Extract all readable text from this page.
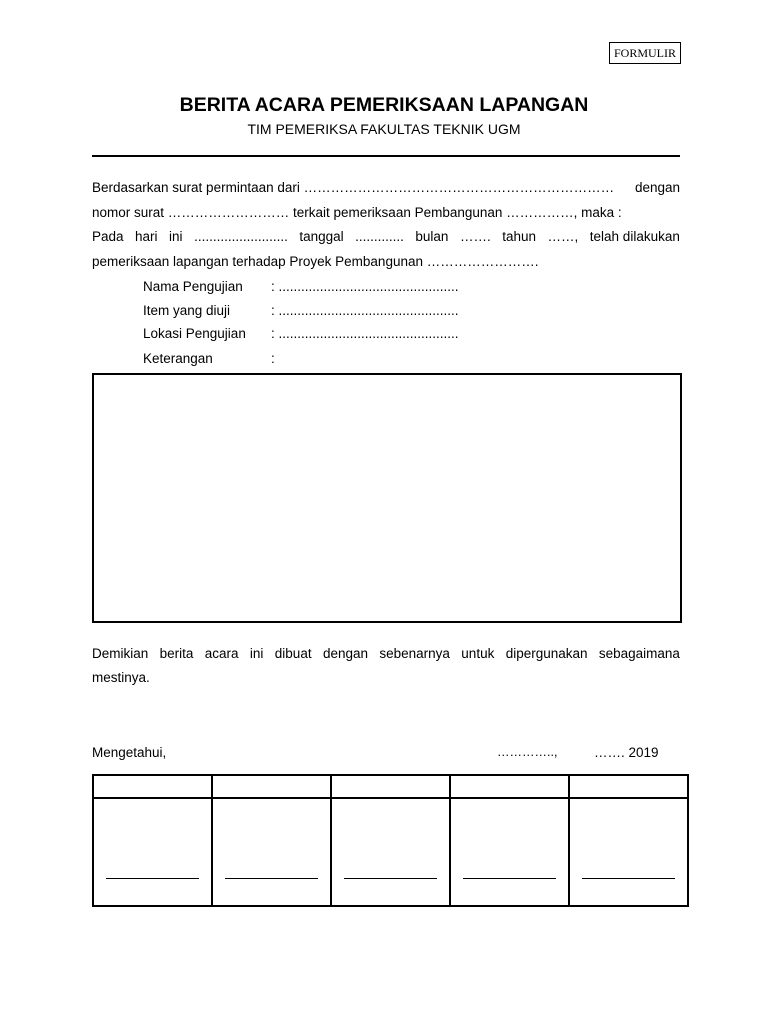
FORMULIR
BERITA ACARA PEMERIKSAAN LAPANGAN
TIM PEMERIKSA FAKULTAS TEKNIK UGM
Berdasarkan surat permintaan dari …………………………………………………………… dengan
nomor surat ……………………… terkait pemeriksaan Pembangunan ……………, maka :
Pada hari ini ......................... tanggal ............. bulan ……. tahun ……, telah dilakukan
pemeriksaan lapangan terhadap Proyek Pembangunan …………………….
Nama Pengujian : ................................................
Item yang diuji	: ................................................
Lokasi Pengujian : ................................................
Keterangan	:
Demikian berita acara ini dibuat dengan sebenarnya untuk dipergunakan sebagaimana
mestinya.
Mengetahui,	…………..,	……. 2019
